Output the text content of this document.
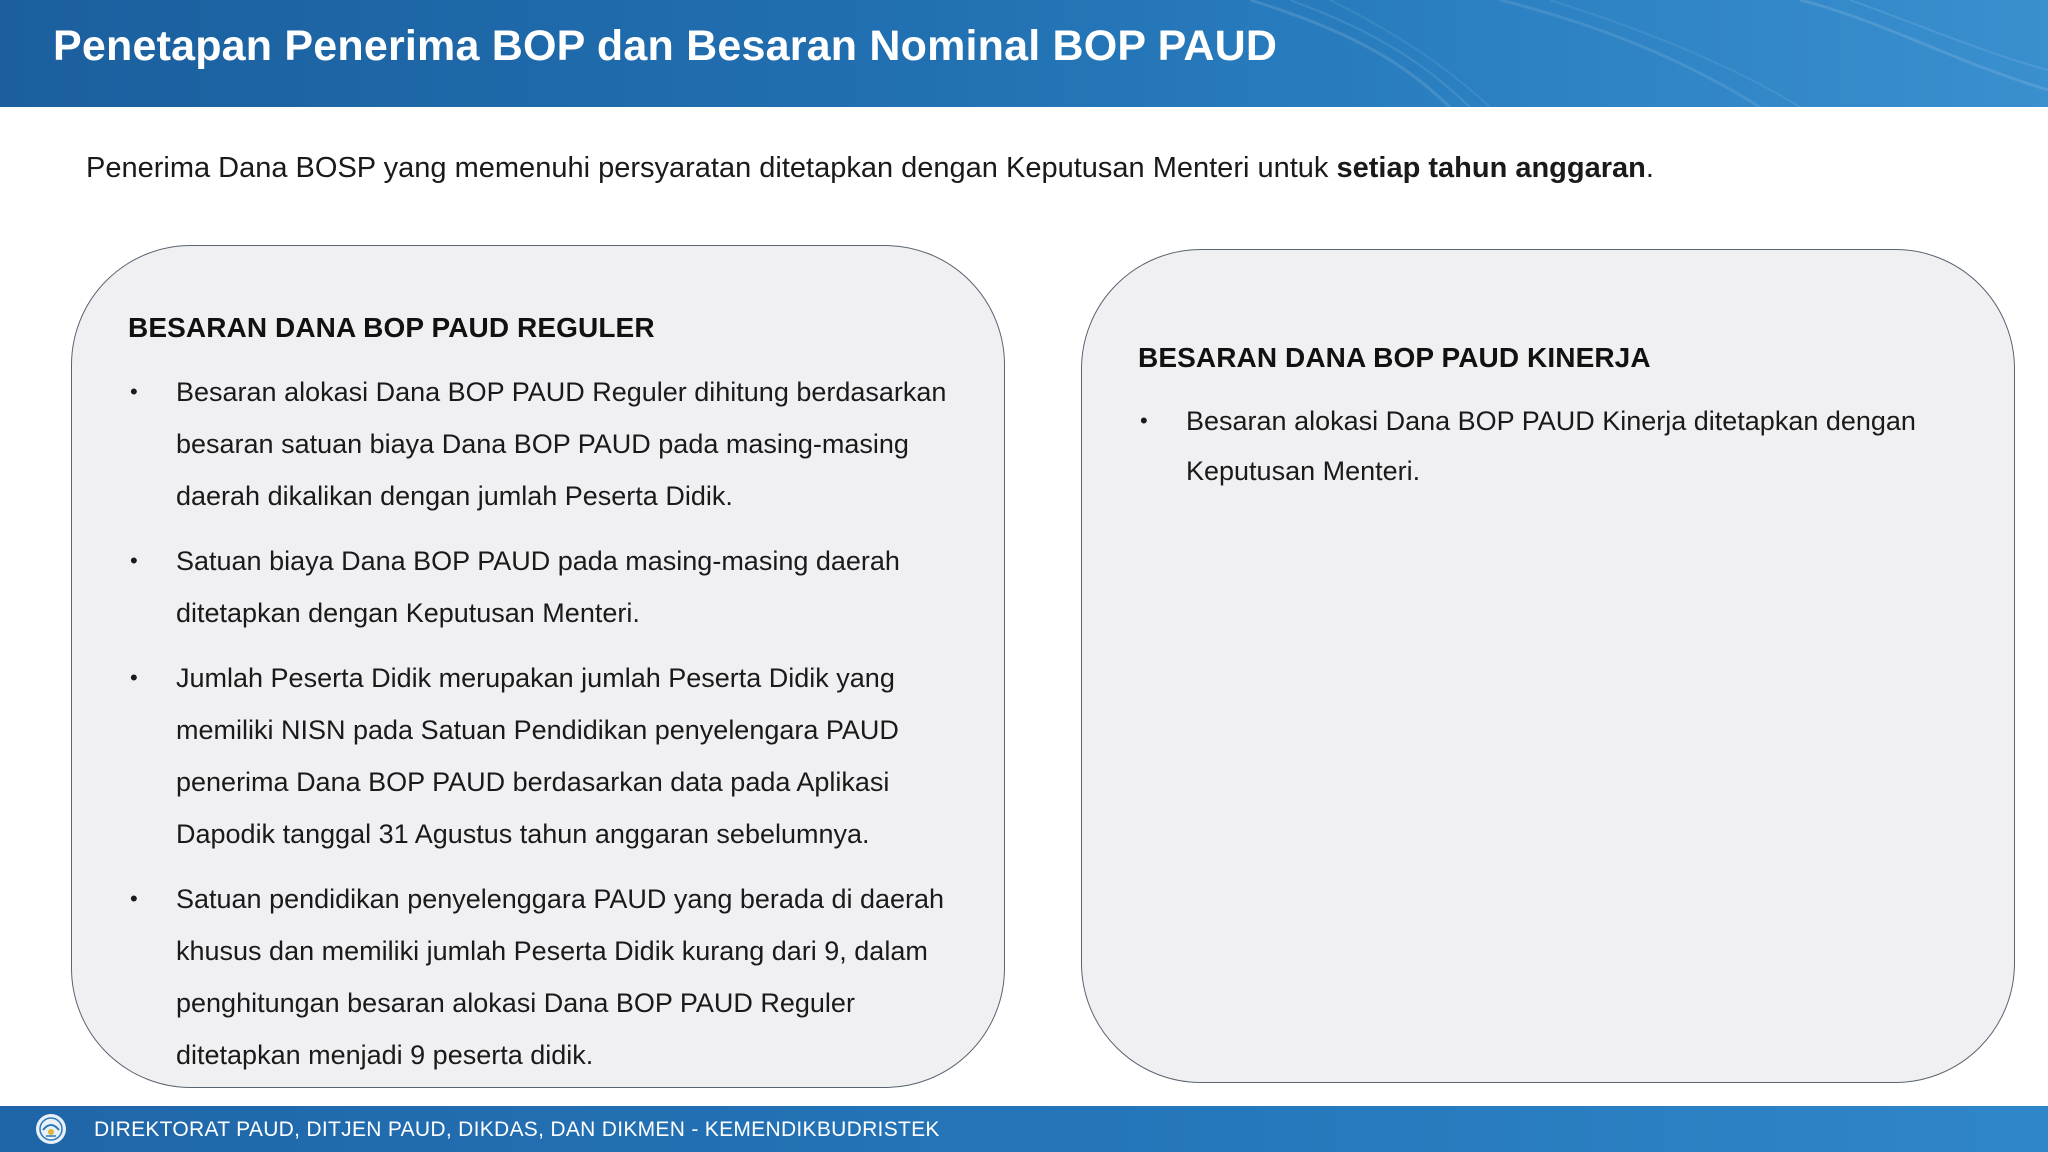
Penetapan Penerima BOP dan Besaran Nominal BOP PAUD
Penerima Dana BOSP yang memenuhi persyaratan ditetapkan dengan Keputusan Menteri untuk setiap tahun anggaran.
BESARAN DANA BOP PAUD REGULER
• Besaran alokasi Dana BOP PAUD Reguler dihitung berdasarkan besaran satuan biaya Dana BOP PAUD pada masing-masing daerah dikalikan dengan jumlah Peserta Didik.
• Satuan biaya Dana BOP PAUD pada masing-masing daerah ditetapkan dengan Keputusan Menteri.
• Jumlah Peserta Didik merupakan jumlah Peserta Didik yang memiliki NISN pada Satuan Pendidikan penyelengara PAUD penerima Dana BOP PAUD berdasarkan data pada Aplikasi Dapodik tanggal 31 Agustus tahun anggaran sebelumnya.
• Satuan pendidikan penyelenggara PAUD yang berada di daerah khusus dan memiliki jumlah Peserta Didik kurang dari 9, dalam penghitungan besaran alokasi Dana BOP PAUD Reguler ditetapkan menjadi 9 peserta didik.
BESARAN DANA BOP PAUD KINERJA
• Besaran alokasi Dana BOP PAUD Kinerja ditetapkan dengan Keputusan Menteri.
DIREKTORAT PAUD, DITJEN PAUD, DIKDAS, DAN DIKMEN - KEMENDIKBUDRISTEK
